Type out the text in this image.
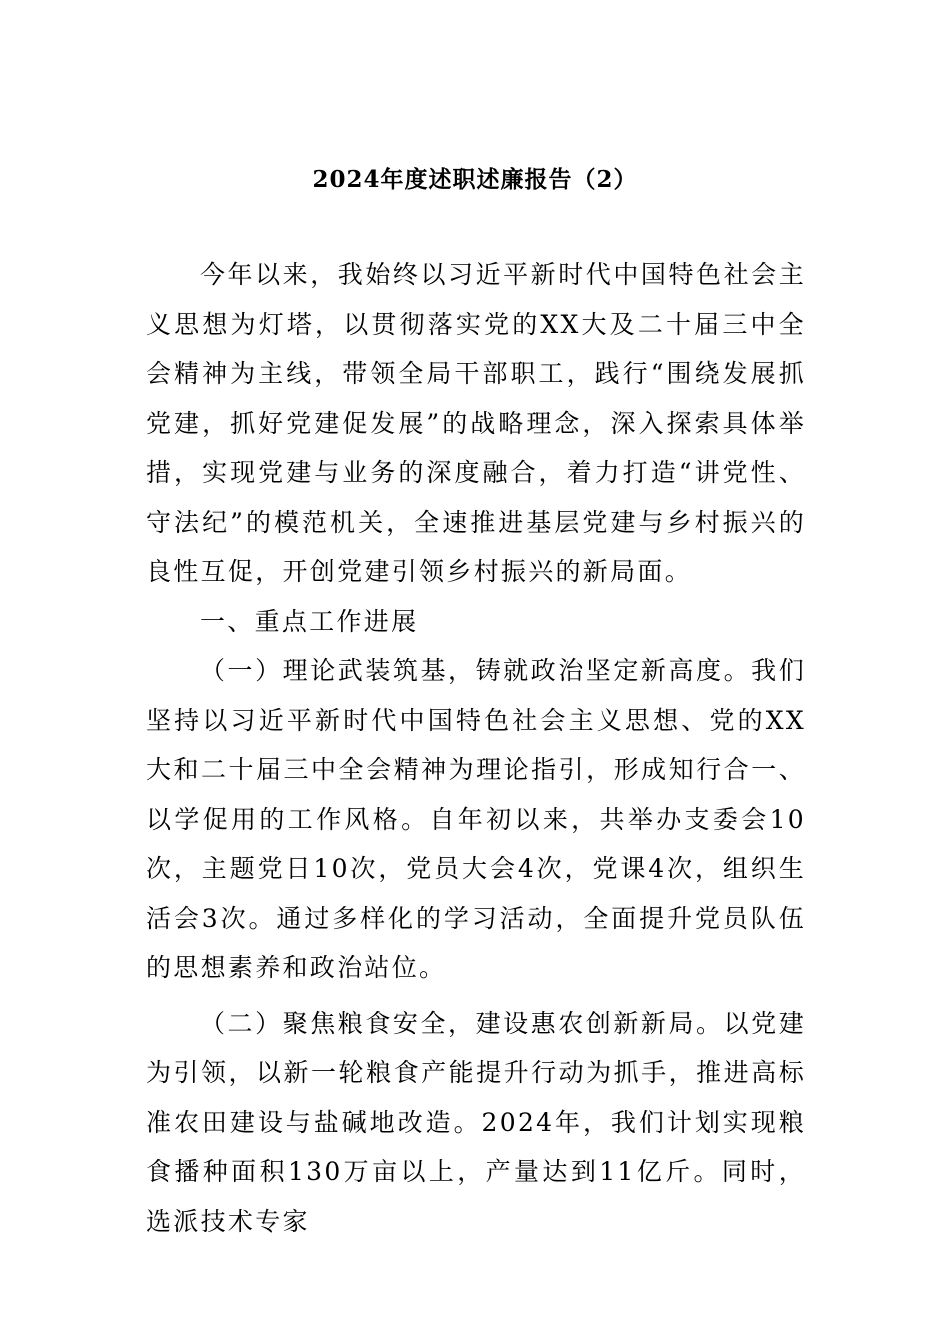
2024年度述职述廉报告（2）

今年以来，我始终以习近平新时代中国特色社会主义思想为灯塔，以贯彻落实党的XX大及二十届三中全会精神为主线，带领全局干部职工，践行“围绕发展抓党建，抓好党建促发展”的战略理念，深入探索具体举措，实现党建与业务的深度融合，着力打造“讲党性、守法纪”的模范机关，全速推进基层党建与乡村振兴的良性互促，开创党建引领乡村振兴的新局面。

一、重点工作进展

（一）理论武装筑基，铸就政治坚定新高度。我们坚持以习近平新时代中国特色社会主义思想、党的XX大和二十届三中全会精神为理论指引，形成知行合一、以学促用的工作风格。自年初以来，共举办支委会10次，主题党日10次，党员大会4次，党课4次，组织生活会3次。通过多样化的学习活动，全面提升党员队伍的思想素养和政治站位。

（二）聚焦粮食安全，建设惠农创新新局。以党建为引领，以新一轮粮食产能提升行动为抓手，推进高标准农田建设与盐碱地改造。2024年，我们计划实现粮食播种面积130万亩以上，产量达到11亿斤。同时，选派技术专家
